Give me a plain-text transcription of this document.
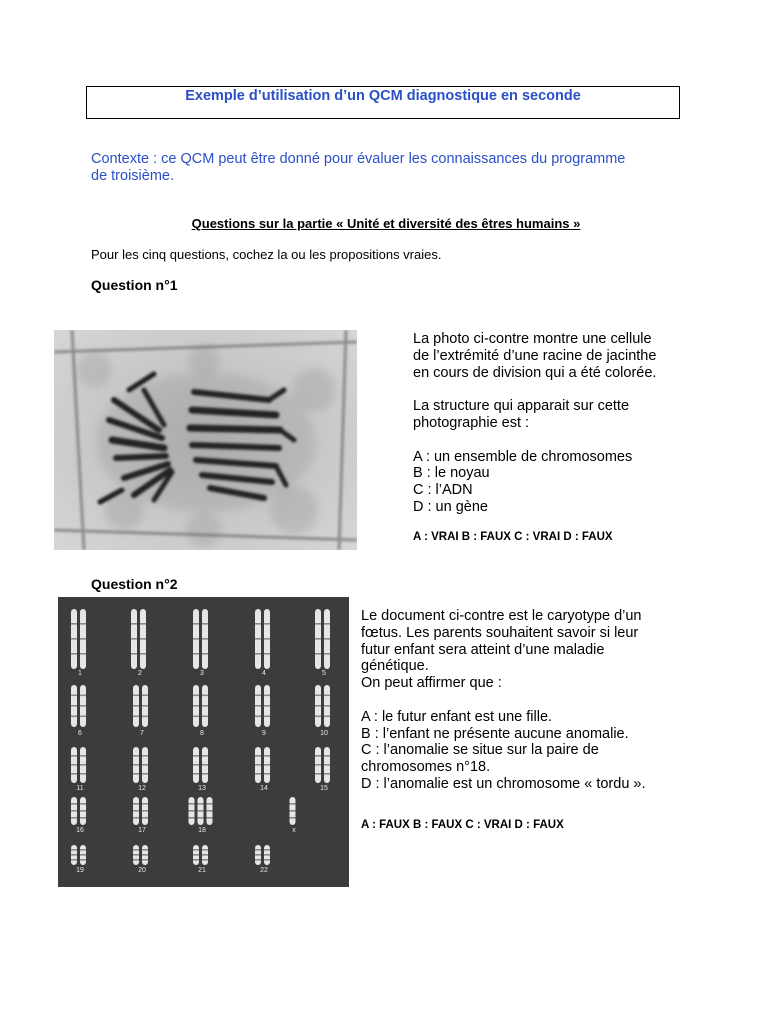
Exemple d’utilisation d’un QCM diagnostique en seconde
Contexte : ce QCM peut être donné pour évaluer les connaissances du programme
de troisième.
Questions sur la partie « Unité et diversité des êtres humains »
Pour les cinq questions, cochez la ou les propositions vraies.
Question n°1
La photo ci-contre montre une cellule
de l’extrémité d’une racine de jacinthe
en cours de division qui a été colorée.
La structure qui apparait sur cette
photographie est :
A : un ensemble de chromosomes
B : le noyau
C : l’ADN
D : un gène
A : VRAI B : FAUX C : VRAI D : FAUX
Question n°2
1	2	3	4	5
6	7	8	9	10
11	12	13	14	15
16	17	18	x
19	20	21	22
Le document ci-contre est le caryotype d’un
fœtus. Les parents souhaitent savoir si leur
futur enfant sera atteint d’une maladie
génétique.
On peut affirmer que :
A : le futur enfant est une fille.
B : l’enfant ne présente aucune anomalie.
C : l’anomalie se situe sur la paire de
chromosomes n°18.
D : l’anomalie est un chromosome « tordu ».
A : FAUX B : FAUX C : VRAI D : FAUX
